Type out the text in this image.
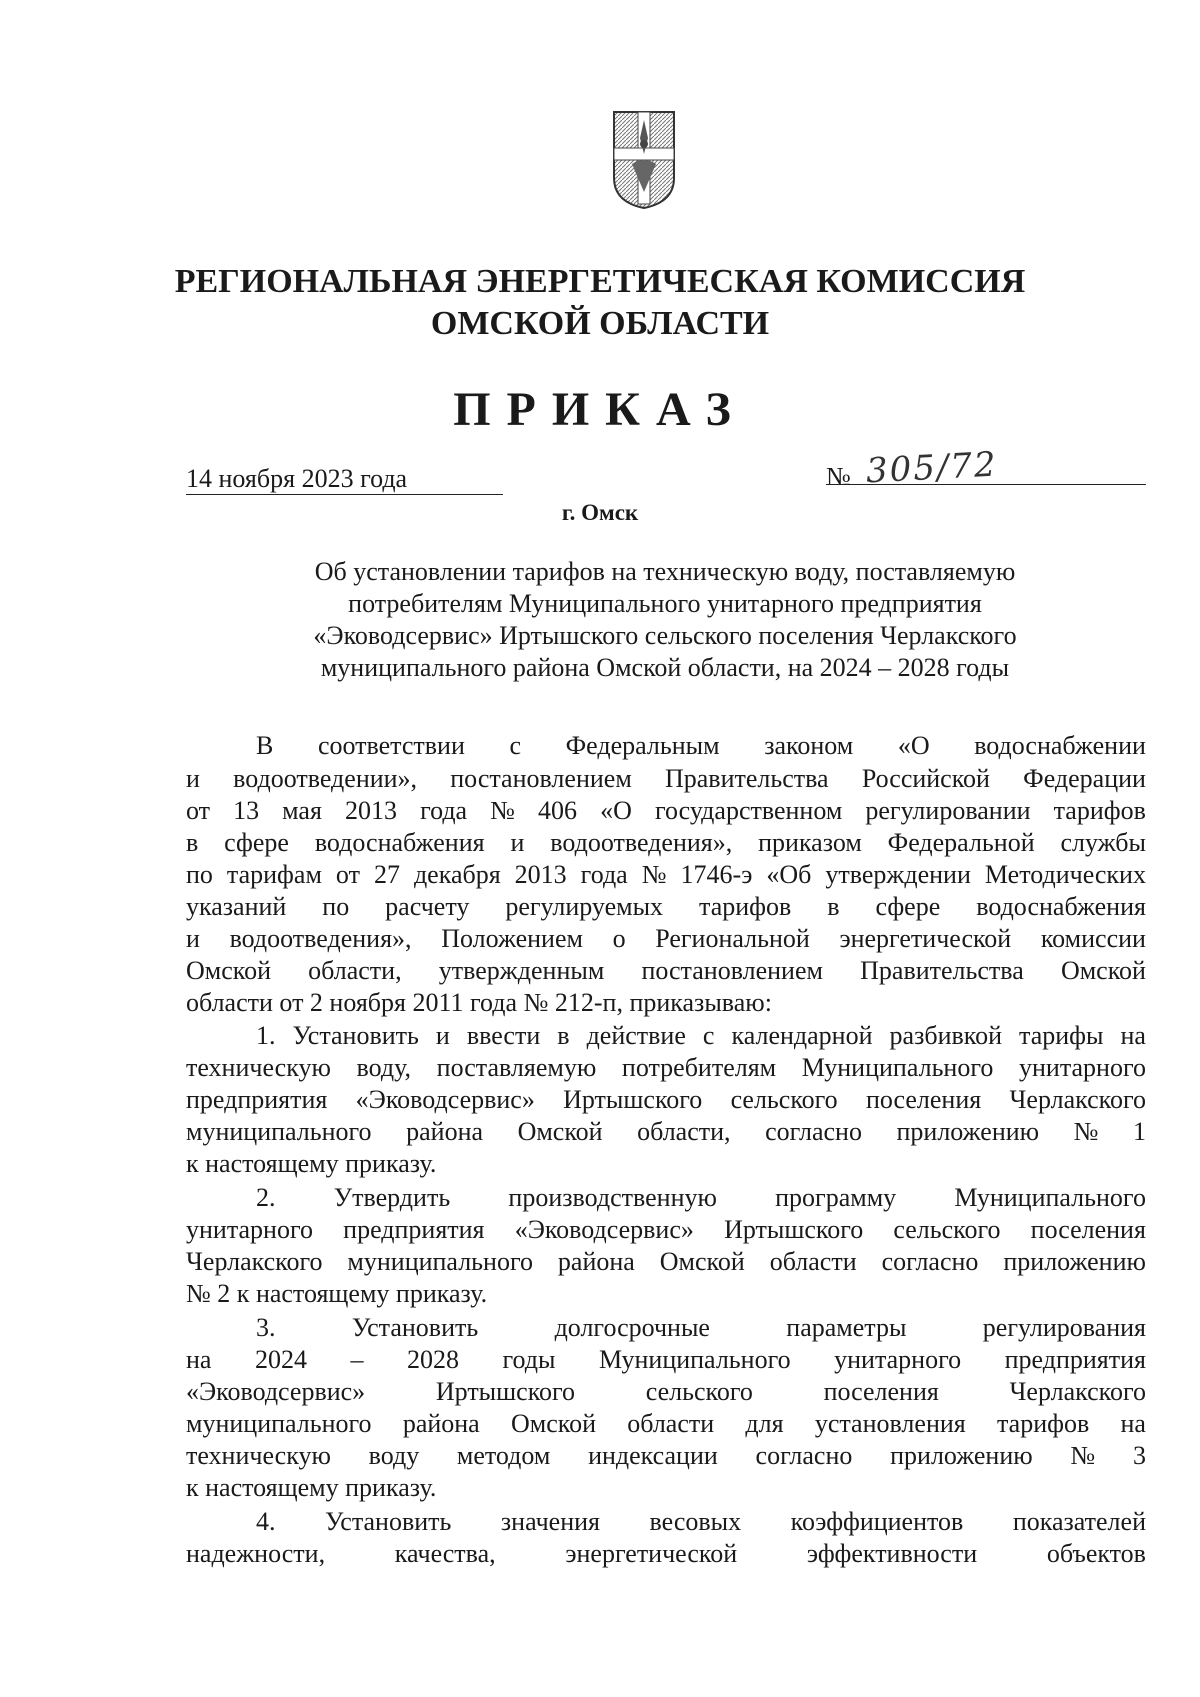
РЕГИОНАЛЬНАЯ ЭНЕРГЕТИЧЕСКАЯ КОМИССИЯ
ОМСКОЙ ОБЛАСТИ
ПРИКАЗ
14 ноября 2023 года	№ 305/72
г. Омск
Об установлении тарифов на техническую воду, поставляемую
потребителям Муниципального унитарного предприятия
«Эководсервис» Иртышского сельского поселения Черлакского
муниципального района Омской области, на 2024 – 2028 годы
В соответствии с Федеральным законом «О водоснабжении
и водоотведении», постановлением Правительства Российской Федерации
от 13 мая 2013 года № 406 «О государственном регулировании тарифов
в сфере водоснабжения и водоотведения», приказом Федеральной службы
по тарифам от 27 декабря 2013 года № 1746-э «Об утверждении Методических
указаний по расчету регулируемых тарифов в сфере водоснабжения
и водоотведения», Положением о Региональной энергетической комиссии
Омской области, утвержденным постановлением Правительства Омской
области от 2 ноября 2011 года № 212-п, приказываю:
1. Установить и ввести в действие с календарной разбивкой тарифы на
техническую воду, поставляемую потребителям Муниципального унитарного
предприятия «Эководсервис» Иртышского сельского поселения Черлакского
муниципального района Омской области, согласно приложению № 1
к настоящему приказу.
2. Утвердить производственную программу Муниципального
унитарного предприятия «Эководсервис» Иртышского сельского поселения
Черлакского муниципального района Омской области согласно приложению
№ 2 к настоящему приказу.
3.	Установить	долгосрочные	параметры	регулирования
на 2024 – 2028 годы Муниципального унитарного предприятия
«Эководсервис»	Иртышского	сельского	поселения	Черлакского
муниципального района Омской области для установления тарифов на
техническую воду методом индексации согласно приложению № 3
к настоящему приказу.
4. Установить значения весовых коэффициентов показателей
надежности,	качества,	энергетической	эффективности	объектов
